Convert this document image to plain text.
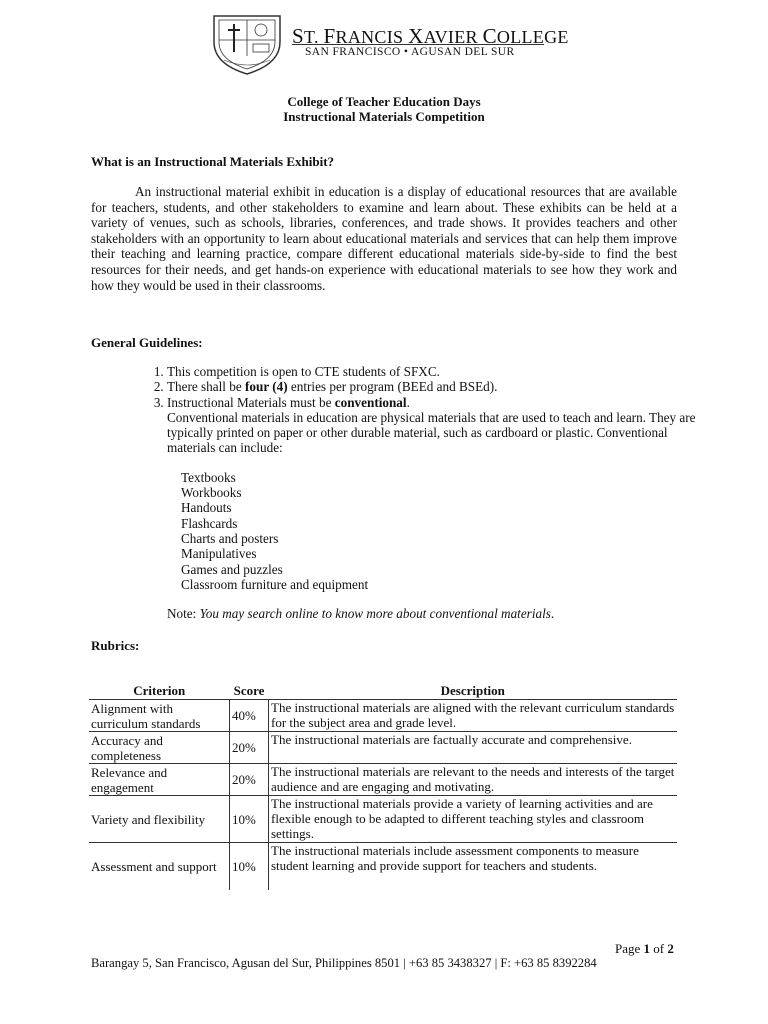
ST. FRANCIS XAVIER COLLEGE
SAN FRANCISCO • AGUSAN DEL SUR
College of Teacher Education Days
Instructional Materials Competition
What is an Instructional Materials Exhibit?

An instructional material exhibit in education is a display of educational resources that are available for teachers, students, and other stakeholders to examine and learn about. These exhibits can be held at a variety of venues, such as schools, libraries, conferences, and trade shows. It provides teachers and other stakeholders with an opportunity to learn about educational materials and services that can help them improve their teaching and learning practice, compare different educational materials side-by-side to find the best resources for their needs, and get hands-on experience with educational materials to see how they work and how they would be used in their classrooms.

General Guidelines:
1. This competition is open to CTE students of SFXC.
2. There shall be four (4) entries per program (BEEd and BSEd).
3. Instructional Materials must be conventional.

Conventional materials in education are physical materials that are used to teach and learn. They are typically printed on paper or other durable material, such as cardboard or plastic. Conventional materials can include:

Textbooks
Workbooks
Handouts
Flashcards
Charts and posters
Manipulatives
Games and puzzles
Classroom furniture and equipment
Note: You may search online to know more about conventional materials.
Rubrics:
Criterion	Score	Description
Alignment with curriculum standards	40%	The instructional materials are aligned with the relevant curriculum standards for the subject area and grade level.
Accuracy and completeness	20%	The instructional materials are factually accurate and comprehensive.
Relevance and engagement	20%	The instructional materials are relevant to the needs and interests of the target audience and are engaging and motivating.
Variety and flexibility	10%	The instructional materials provide a variety of learning activities and are flexible enough to be adapted to different teaching styles and classroom settings.
Assessment and support	10%	The instructional materials include assessment components to measure student learning and provide support for teachers and students.
Page 1 of 2
Barangay 5, San Francisco, Agusan del Sur, Philippines 8501 | +63 85 3438327 | F: +63 85 8392284
